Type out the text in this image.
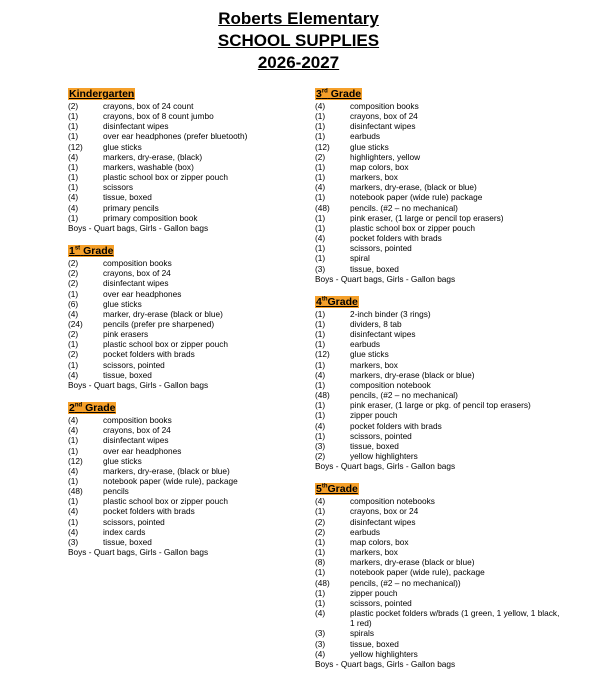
Roberts Elementary
SCHOOL SUPPLIES
2026-2027
Kindergarten
(2)	crayons, box of 24 count
(1)	crayons, box of 8 count jumbo
(1)	disinfectant wipes
(1)	over ear headphones (prefer bluetooth)
(12)	glue sticks
(4)	markers, dry-erase, (black)
(1)	markers, washable (box)
(1)	plastic school box or zipper pouch
(1)	scissors
(4)	tissue, boxed
(4)	primary pencils
(1)	primary composition book
Boys - Quart bags, Girls - Gallon bags
1st Grade
(2)	composition books
(2)	crayons, box of 24
(2)	disinfectant wipes
(1)	over ear headphones
(6)	glue sticks
(4)	marker, dry-erase (black or blue)
(24)	pencils (prefer pre sharpened)
(2)	pink erasers
(1)	plastic school box or zipper pouch
(2)	pocket folders with brads
(1)	scissors, pointed
(4)	tissue, boxed
Boys - Quart bags, Girls - Gallon bags
2nd Grade
(4)	composition books
(4)	crayons, box of 24
(1)	disinfectant wipes
(1)	over ear headphones
(12)	glue sticks
(4)	markers, dry-erase, (black or blue)
(1)	notebook paper (wide rule), package
(48)	pencils
(1)	plastic school box or zipper pouch
(4)	pocket folders with brads
(1)	scissors, pointed
(4)	index cards
(3)	tissue, boxed
Boys - Quart bags, Girls - Gallon bags
3rd Grade
(4)	composition books
(1)	crayons, box of 24
(1)	disinfectant wipes
(1)	earbuds
(12)	glue sticks
(2)	highlighters, yellow
(1)	map colors, box
(1)	markers, box
(4)	markers, dry-erase, (black or blue)
(1)	notebook paper (wide rule) package
(48)	pencils. (#2 – no mechanical)
(1)	pink eraser, (1 large or pencil top erasers)
(1)	plastic school box or zipper pouch
(4)	pocket folders with brads
(1)	scissors, pointed
(1)	spiral
(3)	tissue, boxed
Boys - Quart bags, Girls - Gallon bags
4thGrade
(1)	2-inch binder (3 rings)
(1)	dividers, 8 tab
(1)	disinfectant wipes
(1)	earbuds
(12)	glue sticks
(1)	markers, box
(4)	markers, dry-erase (black or blue)
(1)	composition notebook
(48)	pencils, (#2 – no mechanical)
(1)	pink eraser, (1 large or pkg. of pencil top erasers)
(1)	zipper pouch
(4)	pocket folders with brads
(1)	scissors, pointed
(3)	tissue, boxed
(2)	yellow highlighters
Boys - Quart bags, Girls - Gallon bags
5thGrade
(4)	composition notebooks
(1)	crayons, box or 24
(2)	disinfectant wipes
(2)	earbuds
(1)	map colors, box
(1)	markers, box
(8)	markers, dry-erase (black or blue)
(1)	notebook paper (wide rule), package
(48)	pencils, (#2 – no mechanical))
(1)	zipper pouch
(1)	scissors, pointed
(4)	plastic pocket folders w/brads (1 green, 1 yellow, 1 black, 1 red)
(3)	spirals
(3)	tissue, boxed
(4)	yellow highlighters
Boys - Quart bags, Girls - Gallon bags
